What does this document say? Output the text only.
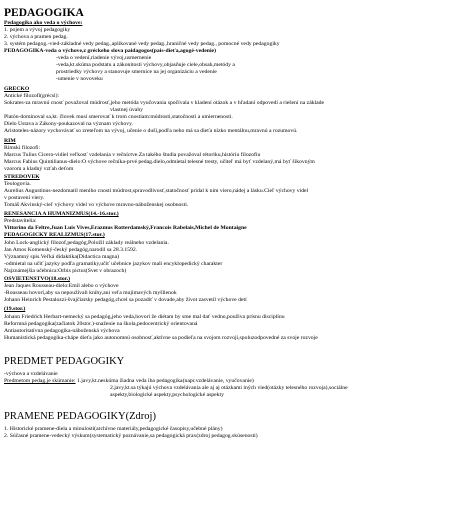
PEDAGOGIKA
Pedagogika ako veda o výchove:
1. pojem a vývoj pedagogiky
2. výchova a pramen pedag.
3. systém pedagog.-vied-základné vedy pedag.,aplikované vedy pedag.,hraničné vedy pedag., pomocné vedy pedagogiky
PEDAGOGIKA-veda o výchove,z gréckeho slova paidagogos(pais-dieťa,agogé-vedenie)
-veda o vedení,riadenie vývoj,usmernenie
-veda,kt.skúma podstatu a zákonitosti výchovy,objasňuje ciele,obsah,metódy a
prostriedky výchovy a stanovuje smernice na jej organizáciu a vedenie
-umenie v novoveku
GRÉCKO
Antické filozofi(grécsi):
Sokrates-za mravnú cnosť považoval múdrosť,jeho metóda vyučovania spočívala v kladení otázok a v hľadaní odpovedí a riešení na základe
vlastnej úvahy
Platón-dominoval sa,kt. človek musí smerovať k trom cnostiam:múdrosti,statočnosti a umiernenosti.
Dielo Ústava a Zákony-poukazoval na význam výchovy.
Aristoteles-názory vychovávať so zreteľom na vývoj, učenie o duši,podľa neho má sa dieťa nízko mentálnu,mravnú a rozumovú.
RÍM
Rímski filozofi:
Marcus Tulius Cicero-vidiel veľkosť vzdelania v rečníctve.Za takého študia považoval rétoriku,históriu filozofiu
Marcus Fabius Quintilianus-dielo:O výchove rečníka-prvé pedag.dielo,odmietal telesné tresty, učiteľ má byť vzdelaný,má byť šikovným
vzorom a kladný vzťah deťom
STREDOVEK
Teologovia.
Aurelius Augustinus-nezdomatil meniho cnosti múdrost,spravodlivosť,statočnosť pridal k nim vieru,nádej a lásku.Cieľ výchovy videl
v postavení viery.
Tomáš Akvinský-cieľ výchovy videl vo výchove mravno-náboženskej osobnosti.
RENESANCIA A HUMANIZMUS(14.-16.stor.)
Predstavitelia:
Vittorino da Feltre,Juan Luis Vives,Erazmus Rotterdamský,Francois Rabelais,Michel de Montaigne
PEDAGOGICKÝ REALIZMUS(17.stor.)
John Lock-anglický filozof,pedagóg,Položil základy reálneho vzdelania.
Jan Amos Komenský-český pedagóg,narodil sa 28.3.1592.
Významný spis.Veľká didaktika(Didactica magna)
-odmietal na učiť jazyky podľa gramatiky,učiť učebnice jazykov mali encyklopedický charakter
Najznámejšia učebnica:Orbis pictus(Svet v obrazoch)
OSVIETENSTVO(18.stor.)
Jean Jaques Rousseau-dielo:Emil alebo o výchove
-Rousseau hovorí,aby sa nepoužívali knihy,ani veľa mujimavých myšlienok
Johann Heinrich Pestalozzi-švajčiarsky pedagóg,chcel sa pozadiť v dovade,aby život zasvetil výchove detí
(19.stor.)
Johann Friedrich Herbart-nemecký sa pedagóg,jeho veda,hovorí že diétam by sme mal dať vedno,použiva prísnu disciplínu
Reformná pedagogika(začiatok 20stor.)-snaženie na škola,pedocentrický orientovaná
Antiautoritatívna pedagogika-náboženská výchova
Humanistická pedagogika-chápe dieťa jako autonomnú osobnosť,aktívne sa podieľa na svojom rozvoji,spoluzodpovedné za svoje rozvoje
PREDMET PEDAGOGIKY
-výchova a vzdelávanie
Predmetom pedag.je skúmanie: 1.javy,kt.neskúma žiadna veda iba pedagogika(napr.vzdelávanie, vyučovanie)
2.javy,kt.sa týkajú výchova vzdelávania ale aj aj otázkami iných vied(otázky telesného rozvoja),sociálne
aspekty,biologické aspekty,psychologické aspekty
PRAMENE PEDAGOGIKY(Zdroj)
1. Historické pramene-diela a minulosti(archívne materiály,pedagogické časopisy,učebné plány)
2. Súčasné pramene-vedecký výskum(systematický poznávanie,sa pedagogická prax(zdroj pedagog.skúsenosti)
